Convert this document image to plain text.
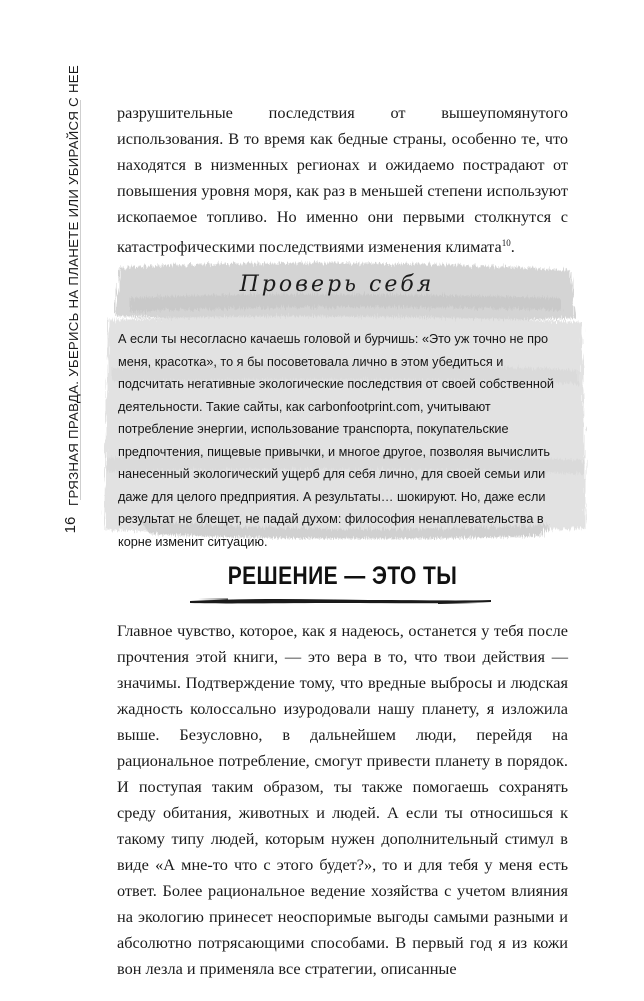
ГРЯЗНАЯ ПРАВДА. УБЕРИСЬ НА ПЛАНЕТЕ ИЛИ УБИРАЙСЯ С НЕЕ
16

разрушительные последствия от вышеупомянутого использования. В то время как бедные страны, особенно те, что находятся в низменных регионах и ожидаемо пострадают от повышения уровня моря, как раз в меньшей степени используют ископаемое топливо. Но именно они первыми столкнутся с катастрофическими последствиями изменения климата$^{10}$.

Проверь себя

А если ты несогласно качаешь головой и бурчишь: «Это уж точно не про меня, красотка», то я бы посоветовала лично в этом убедиться и подсчитать негативные экологические последствия от своей собственной деятельности. Такие сайты, как carbonfootprint.com, учитывают потребление энергии, использование транспорта, покупательские предпочтения, пищевые привычки, и многое другое, позволяя вычислить нанесенный экологический ущерб для себя лично, для своей семьи или даже для целого предприятия. А результаты… шокируют. Но, даже если результат не блещет, не падай духом: философия ненаплевательства в корне изменит ситуацию.

РЕШЕНИЕ — ЭТО ТЫ

Главное чувство, которое, как я надеюсь, останется у тебя после прочтения этой книги, — это вера в то, что твои действия — значимы. Подтверждение тому, что вредные выбросы и людская жадность колоссально изуродовали нашу планету, я изложила выше. Безусловно, в дальнейшем люди, перейдя на рациональное потребление, смогут привести планету в порядок. И поступая таким образом, ты также помогаешь сохранять среду обитания, животных и людей. А если ты относишься к такому типу людей, которым нужен дополнительный стимул в виде «А мне-то что с этого будет?», то и для тебя у меня есть ответ. Более рациональное ведение хозяйства с учетом влияния на экологию принесет неоспоримые выгоды самыми разными и абсолютно потрясающими способами. В первый год я из кожи вон лезла и применяла все стратегии, описанные
